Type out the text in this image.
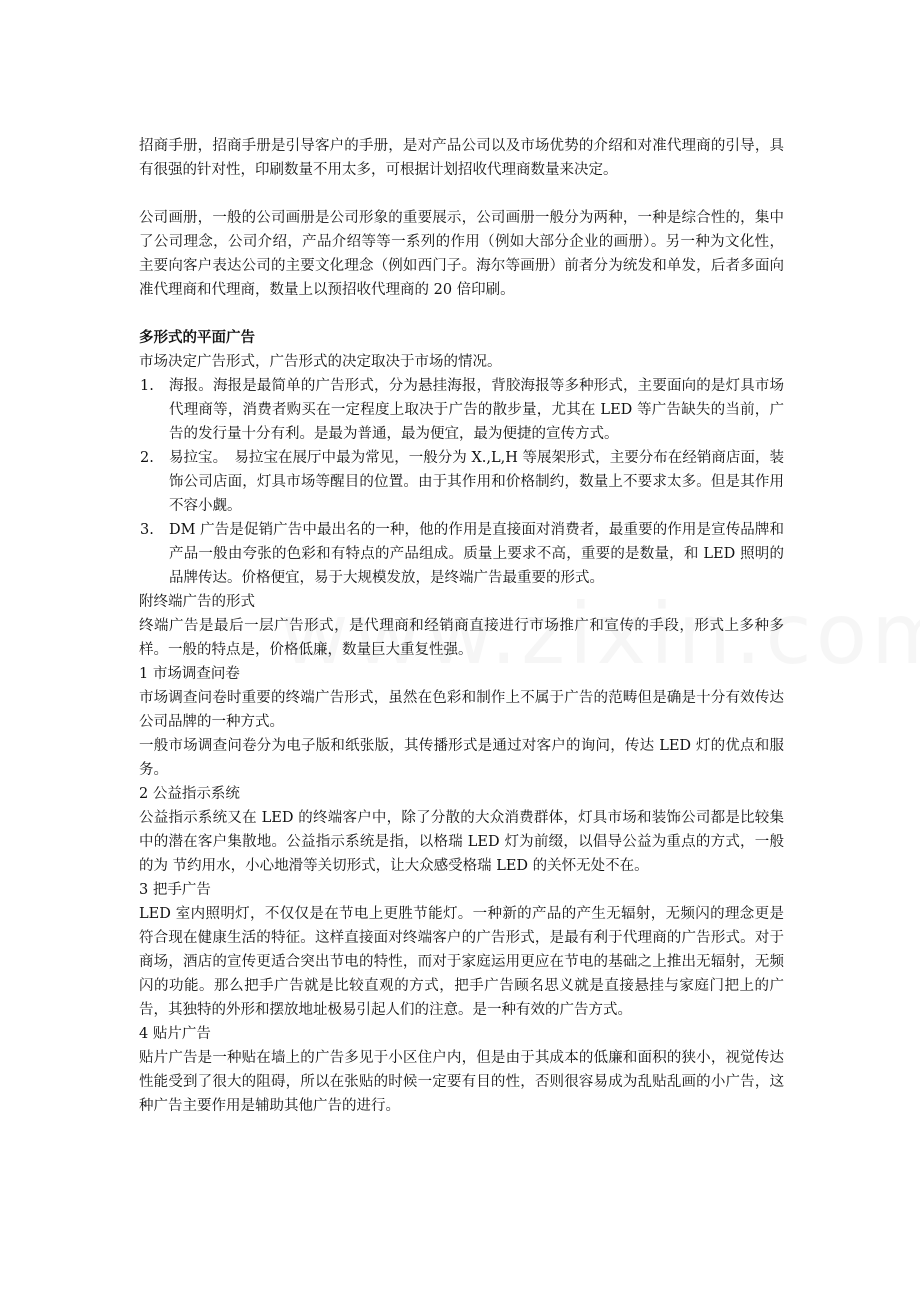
招商手册，招商手册是引导客户的手册，是对产品公司以及市场优势的介绍和对准代理商的引导，具有很强的针对性，印刷数量不用太多，可根据计划招收代理商数量来决定。

公司画册，一般的公司画册是公司形象的重要展示，公司画册一般分为两种，一种是综合性的，集中了公司理念，公司介绍，产品介绍等等一系列的作用（例如大部分企业的画册）。另一种为文化性，主要向客户表达公司的主要文化理念（例如西门子。海尔等画册）前者分为统发和单发，后者多面向准代理商和代理商，数量上以预招收代理商的 20 倍印刷。

多形式的平面广告

市场决定广告形式，广告形式的决定取决于市场的情况。

1. 海报。海报是最简单的广告形式，分为悬挂海报，背胶海报等多种形式，主要面向的是灯具市场代理商等，消费者购买在一定程度上取决于广告的散步量，尤其在 LED 等广告缺失的当前，广告的发行量十分有利。是最为普通，最为便宜，最为便捷的宣传方式。
2. 易拉宝。　易拉宝在展厅中最为常见，一般分为 X.,L,H 等展架形式，主要分布在经销商店面，装饰公司店面，灯具市场等醒目的位置。由于其作用和价格制约，数量上不要求太多。但是其作用不容小觑。
3. DM 广告是促销广告中最出名的一种，他的作用是直接面对消费者，最重要的作用是宣传品牌和产品一般由夸张的色彩和有特点的产品组成。质量上要求不高，重要的是数量，和 LED 照明的品牌传达。价格便宜，易于大规模发放，是终端广告最重要的形式。

附终端广告的形式

终端广告是最后一层广告形式，是代理商和经销商直接进行市场推广和宣传的手段，形式上多种多样。一般的特点是，价格低廉，数量巨大重复性强。

1 市场调查问卷

市场调查问卷时重要的终端广告形式，虽然在色彩和制作上不属于广告的范畴但是确是十分有效传达公司品牌的一种方式。

一般市场调查问卷分为电子版和纸张版，其传播形式是通过对客户的询问，传达 LED 灯的优点和服务。

2 公益指示系统

公益指示系统又在 LED 的终端客户中，除了分散的大众消费群体，灯具市场和装饰公司都是比较集中的潜在客户集散地。公益指示系统是指，以格瑞 LED 灯为前缀，以倡导公益为重点的方式，一般的为 节约用水，小心地滑等关切形式，让大众感受格瑞 LED 的关怀无处不在。

3 把手广告

LED 室内照明灯，不仅仅是在节电上更胜节能灯。一种新的产品的产生无辐射，无频闪的理念更是符合现在健康生活的特征。这样直接面对终端客户的广告形式，是最有利于代理商的广告形式。对于商场，酒店的宣传更适合突出节电的特性，而对于家庭运用更应在节电的基础之上推出无辐射，无频闪的功能。那么把手广告就是比较直观的方式，把手广告顾名思义就是直接悬挂与家庭门把上的广告，其独特的外形和摆放地址极易引起人们的注意。是一种有效的广告方式。

4 贴片广告

贴片广告是一种贴在墙上的广告多见于小区住户内，但是由于其成本的低廉和面积的狭小，视觉传达性能受到了很大的阻碍，所以在张贴的时候一定要有目的性，否则很容易成为乱贴乱画的小广告，这种广告主要作用是辅助其他广告的进行。
